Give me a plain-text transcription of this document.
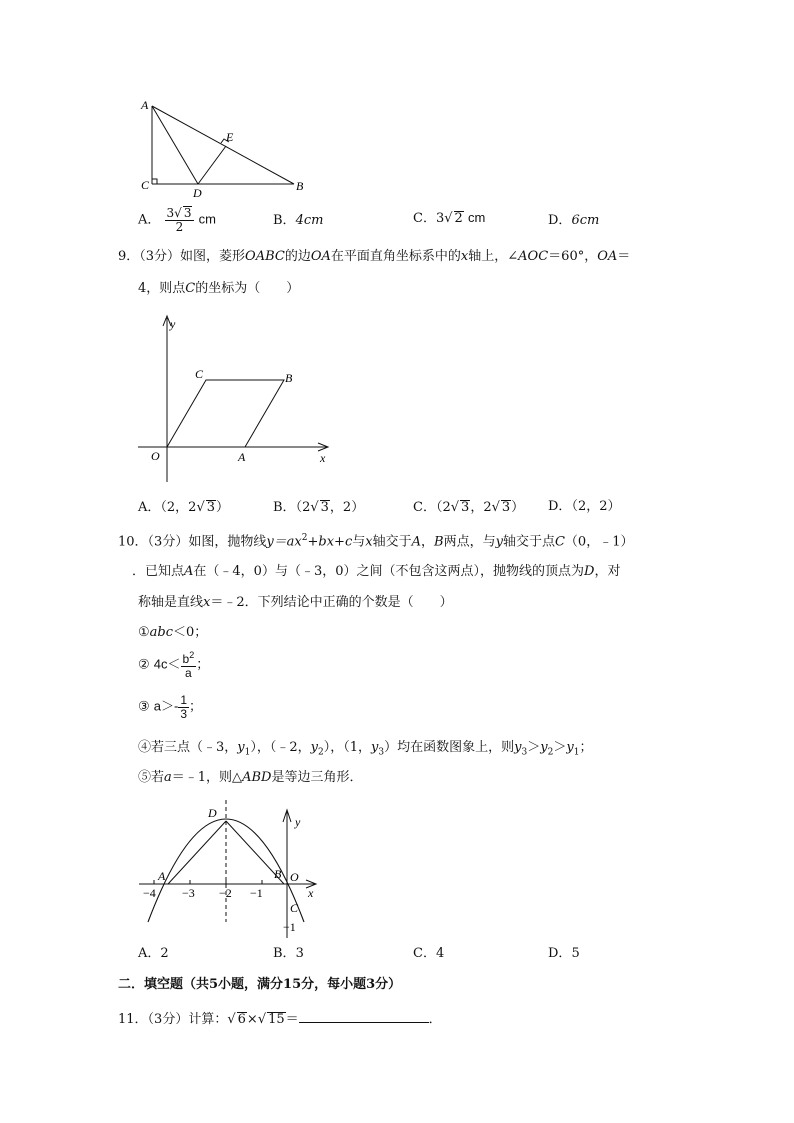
A
E
C
D	B
A． $\frac{3√ 3}{2}$ cm	B．4cm	C．3√ 2 cm	D．6cm
9．（3分）如图，菱形OABC的边OA在平面直角坐标系中的x轴上，∠AOC＝60°，OA＝
4，则点C的坐标为（　　）
y
C	B
O	A	x
A．（2，2√ 3）	B．（2√ 3，2）	C．（2√ 3，2√ 3） D．（2，2）
10．（3分）如图，抛物线$y=ax^2+bx+c$与x轴交于A，B两点，与y轴交于点C（0，﹣1）
．已知点A在（﹣4，0）与（﹣3，0）之间（不包含这两点），抛物线的顶点为D，对
称轴是直线x＝﹣2．下列结论中正确的个数是（　　）
①abc＜0；
② $4c< \frac{b^2}{a}$ ；
③ $a>- \frac{1}{3}$ ；
④若三点（﹣3，$y_1$），（﹣2，$y_2$），（1，$y_3$）均在函数图象上，则$y_3>y_2>y_1$；
⑤若a＝﹣1，则△ABD是等边三角形．
D
y
A	B O
−4 −3 −2 −1	x
C
−1
A．2	B．3	C．4	D．5
二．填空题（共5小题，满分15分，每小题3分）
11．（3分）计算：√ 6×√ 15＝	．
